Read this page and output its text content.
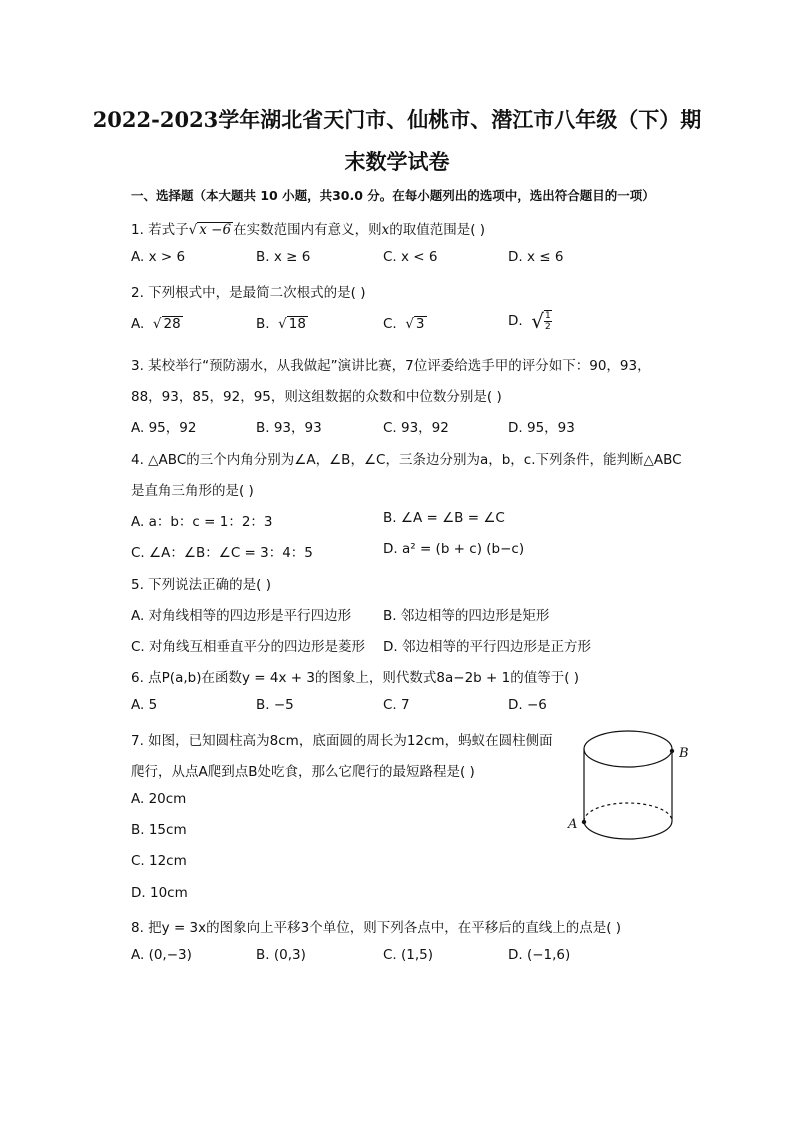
2022-2023学年湖北省天门市、仙桃市、潜江市八年级（下）期
末数学试卷
一、选择题（本大题共 10 小题，共30.0 分。在每小题列出的选项中，选出符合题目的一项）
1. 若式子√ x −6 在实数范围内有意义，则x的取值范围是( )
A. x > 6	B. x ≥ 6	C. x < 6	D. x ≤ 6
2. 下列根式中，是最简二次根式的是( )
A. √ 28	B. √ 18	C. √ 3	D. √ $\frac{1}{2}$
3. 某校举行“预防溺水，从我做起”演讲比赛，7位评委给选手甲的评分如下：90，93，
88，93，85，92，95，则这组数据的众数和中位数分别是( )
A. 95，92	B. 93，93	C. 93，92	D. 95，93
4. △ABC的三个内角分别为∠A，∠B，∠C，三条边分别为a，b，c.下列条件，能判断△ABC
是直角三角形的是( )
A. a：b：c = 1：2：3	B. ∠A = ∠B = ∠C
C. ∠A：∠B：∠C = 3：4：5	D. a² = (b + c) (b−c)
5. 下列说法正确的是( )
A. 对角线相等的四边形是平行四边形 B. 邻边相等的四边形是矩形
C. 对角线互相垂直平分的四边形是菱形 D. 邻边相等的平行四边形是正方形
6. 点P(a,b)在函数y = 4x + 3的图象上，则代数式8a−2b + 1的值等于( )
A. 5	B. −5	C. 7	D. −6
7. 如图，已知圆柱高为8cm，底面圆的周长为12cm，蚂蚁在圆柱侧面
爬行，从点A爬到点B处吃食，那么它爬行的最短路程是( )
A. 20cm
B. 15cm
C. 12cm
D. 10cm
B
A
8. 把y = 3x的图象向上平移3个单位，则下列各点中，在平移后的直线上的点是( )
A. (0,−3)	B. (0,3)	C. (1,5)	D. (−1,6)
